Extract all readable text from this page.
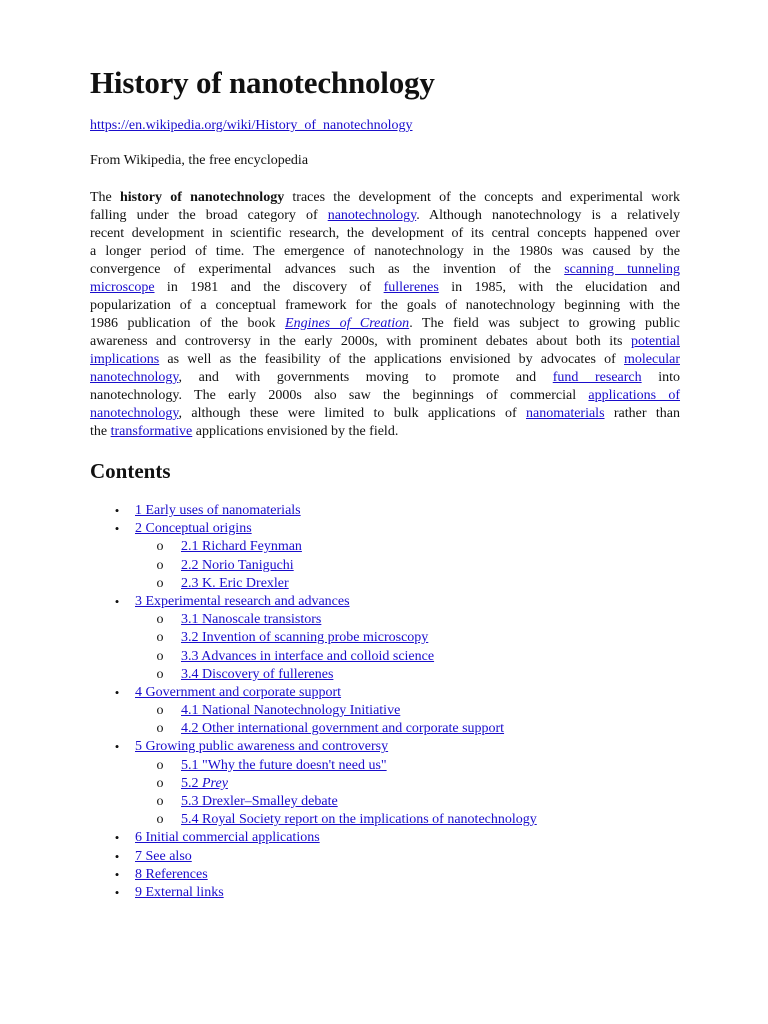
History of nanotechnology
https://en.wikipedia.org/wiki/History_of_nanotechnology
From Wikipedia, the free encyclopedia
The history of nanotechnology traces the development of the concepts and experimental work
falling under the broad category of nanotechnology. Although nanotechnology is a relatively
recent development in scientific research, the development of its central concepts happened over
a longer period of time. The emergence of nanotechnology in the 1980s was caused by the
convergence of experimental advances such as the invention of the scanning tunneling
microscope in 1981 and the discovery of fullerenes in 1985, with the elucidation and
popularization of a conceptual framework for the goals of nanotechnology beginning with the
1986 publication of the book Engines of Creation. The field was subject to growing public
awareness and controversy in the early 2000s, with prominent debates about both its potential
implications as well as the feasibility of the applications envisioned by advocates of molecular
nanotechnology, and with governments moving to promote and fund research into
nanotechnology. The early 2000s also saw the beginnings of commercial applications of
nanotechnology, although these were limited to bulk applications of nanomaterials rather than
the transformative applications envisioned by the field.
Contents
• 1 Early uses of nanomaterials
• 2 Conceptual origins
o 2.1 Richard Feynman
o 2.2 Norio Taniguchi
o 2.3 K. Eric Drexler
• 3 Experimental research and advances
o 3.1 Nanoscale transistors
o 3.2 Invention of scanning probe microscopy
o 3.3 Advances in interface and colloid science
o 3.4 Discovery of fullerenes
• 4 Government and corporate support
o 4.1 National Nanotechnology Initiative
o 4.2 Other international government and corporate support
• 5 Growing public awareness and controversy
o 5.1 "Why the future doesn't need us"
o 5.2 Prey
o 5.3 Drexler–Smalley debate
o 5.4 Royal Society report on the implications of nanotechnology
• 6 Initial commercial applications
• 7 See also
• 8 References
• 9 External links
